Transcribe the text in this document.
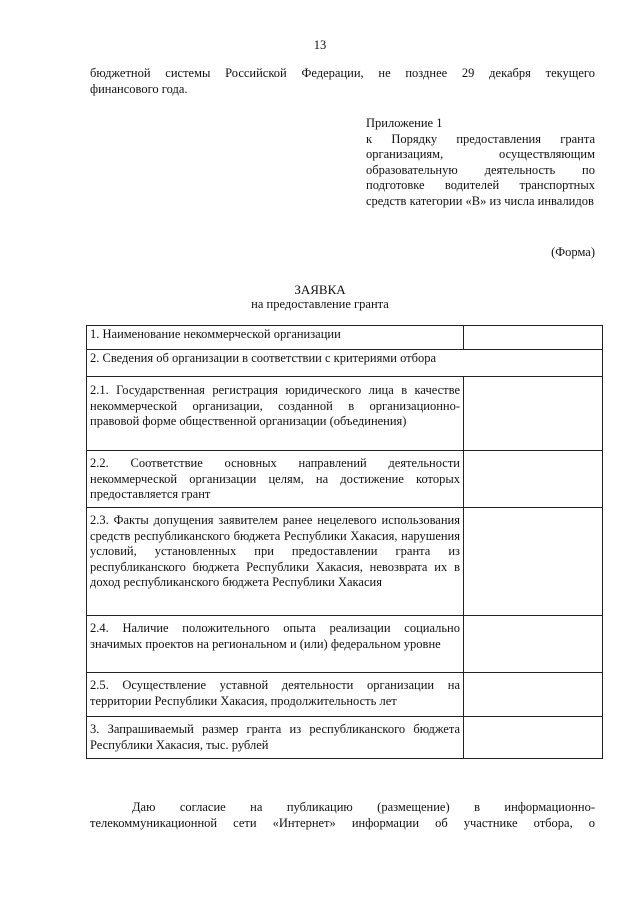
13
бюджетной системы Российской Федерации, не позднее 29 декабря текущего
финансового года.
Приложение 1
к Порядку предоставления гранта организациям, осуществляющим образовательную деятельность по подготовке водителей транспортных средств категории «В» из числа инвалидов
(Форма)
ЗАЯВКА
на предоставление гранта
1. Наименование некоммерческой организации	
2. Сведения об организации в соответствии с критериями отбора	
2.1. Государственная регистрация юридического лица в качестве некоммерческой организации, созданной в организационно-правовой форме общественной организации (объединения)	
2.2. Соответствие основных направлений деятельности некоммерческой организации целям, на достижение которых предоставляется грант	
2.3. Факты допущения заявителем ранее нецелевого использования средств республиканского бюджета Республики Хакасия, нарушения условий, установленных при предоставлении гранта из республиканского бюджета Республики Хакасия, невозврата их в доход республиканского бюджета Республики Хакасия	
2.4. Наличие положительного опыта реализации социально значимых проектов на региональном и (или) федеральном уровне	
2.5. Осуществление уставной деятельности организации на территории Республики Хакасия, продолжительность лет	
3. Запрашиваемый размер гранта из республиканского бюджета Республики Хакасия, тыс. рублей	
Даю согласие на публикацию (размещение) в информационно-
телекоммуникационной сети «Интернет» информации об участнике отбора, о
